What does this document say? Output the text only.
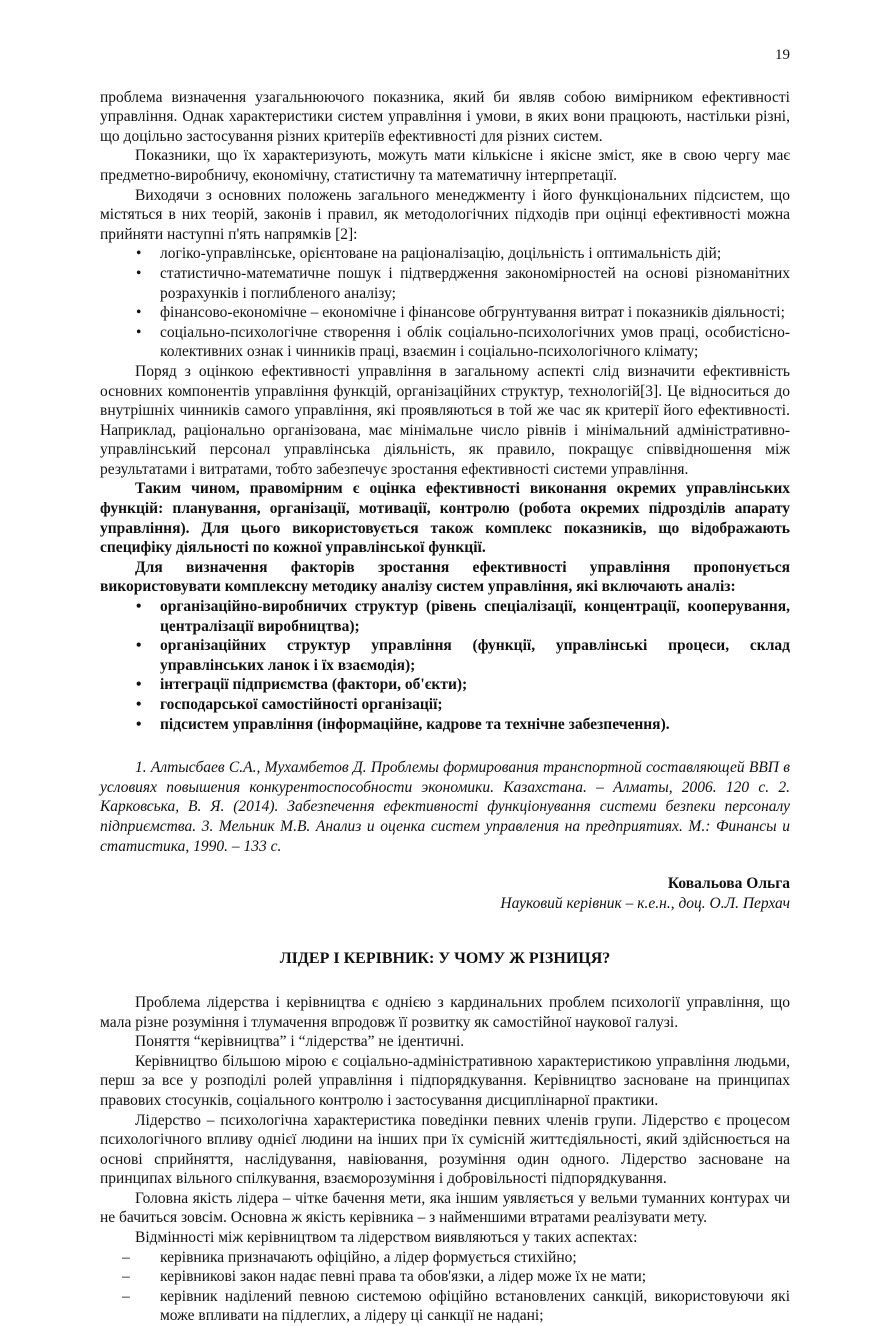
19

проблема визначення узагальнюючого показника, який би являв собою вимірником ефективності управління. Однак характеристики систем управління і умови, в яких вони працюють, настільки різні, що доцільно застосування різних критеріїв ефективності для різних систем.

Показники, що їх характеризують, можуть мати кількісне і якісне зміст, яке в свою чергу має предметно-виробничу, економічну, статистичну та математичну інтерпретації.

Виходячи з основних положень загального менеджменту і його функціональних підсистем, що містяться в них теорій, законів і правил, як методологічних підходів при оцінці ефективності можна прийняти наступні п'ять напрямків [2]:

• логіко-управлінське, орієнтоване на раціоналізацію, доцільність і оптимальність дій;
• статистично-математичне пошук і підтвердження закономірностей на основі різноманітних розрахунків і поглибленого аналізу;
• фінансово-економічне – економічне і фінансове обгрунтування витрат і показників діяльності;
• соціально-психологічне створення і облік соціально-психологічних умов праці, особистісно-колективних ознак і чинників праці, взаємин і соціально-психологічного клімату;

Поряд з оцінкою ефективності управління в загальному аспекті слід визначити ефективність основних компонентів управління функцій, організаційних структур, технологій[3]. Це відноситься до внутрішніх чинників самого управління, які проявляються в той же час як критерії його ефективності. Наприклад, раціонально організована, має мінімальне число рівнів і мінімальний адміністративно-управлінський персонал управлінська діяльність, як правило, покращує співвідношення між результатами і витратами, тобто забезпечує зростання ефективності системи управління.

Таким чином, правомірним є оцінка ефективності виконання окремих управлінських функцій: планування, організації, мотивації, контролю (робота окремих підрозділів апарату управління). Для цього використовується також комплекс показників, що відображають специфіку діяльності по кожної управлінської функції.

Для визначення факторів зростання ефективності управління пропонується використовувати комплексну методику аналізу систем управління, які включають аналіз:

• організаційно-виробничих структур (рівень спеціалізації, концентрації, кооперування, централізації виробництва);
• організаційних структур управління (функції, управлінські процеси, склад управлінських ланок і їх взаємодія);
• інтеграції підприємства (фактори, об'єкти);
• господарської самостійності організації;
• підсистем управління (інформаційне, кадрове та технічне забезпечення).

1. Алтысбаев С.А., Мухамбетов Д. Проблемы формирования транспортной составляющей ВВП в условиях повышения конкурентоспособности экономики. Казахстана. – Алматы, 2006. 120 с. 2. Карковська, В. Я. (2014). Забезпечення ефективності функціонування системи безпеки персоналу підприємства. 3. Мельник М.В. Анализ и оценка систем управления на предприятиях. М.: Финансы и статистика, 1990. – 133 с.

Ковальова Ольга
Науковий керівник – к.е.н., доц. О.Л. Перхач
ЛІДЕР І КЕРІВНИК: У ЧОМУ Ж РІЗНИЦЯ?

Проблема лідерства і керівництва є однією з кардинальних проблем психології управління, що мала різне розуміння і тлумачення впродовж її розвитку як самостійної наукової галузі.

Поняття “керівництва” і “лідерства” не ідентичні.

Керівництво більшою мірою є соціально-адміністративною характеристикою управління людьми, перш за все у розподілі ролей управління і підпорядкування. Керівництво засноване на принципах правових стосунків, соціального контролю і застосування дисциплінарної практики.

Лідерство – психологічна характеристика поведінки певних членів групи. Лідерство є процесом психологічного впливу однієї людини на інших при їх сумісній життєдіяльності, який здійснюється на основі сприйняття, наслідування, навіювання, розуміння один одного. Лідерство засноване на принципах вільного спілкування, взаєморозуміння і добровільності підпорядкування.

Головна якість лідера – чітке бачення мети, яка іншим уявляється у вельми туманних контурах чи не бачиться зовсім. Основна ж якість керівника – з найменшими втратами реалізувати мету.

Відмінності між керівництвом та лідерством виявляються у таких аспектах:

– керівника призначають офіційно, а лідер формується стихійно;
– керівникові закон надає певні права та обов'язки, а лідер може їх не мати;
– керівник наділений певною системою офіційно встановлених санкцій, використовуючи які може впливати на підлеглих, а лідеру ці санкції не надані;
